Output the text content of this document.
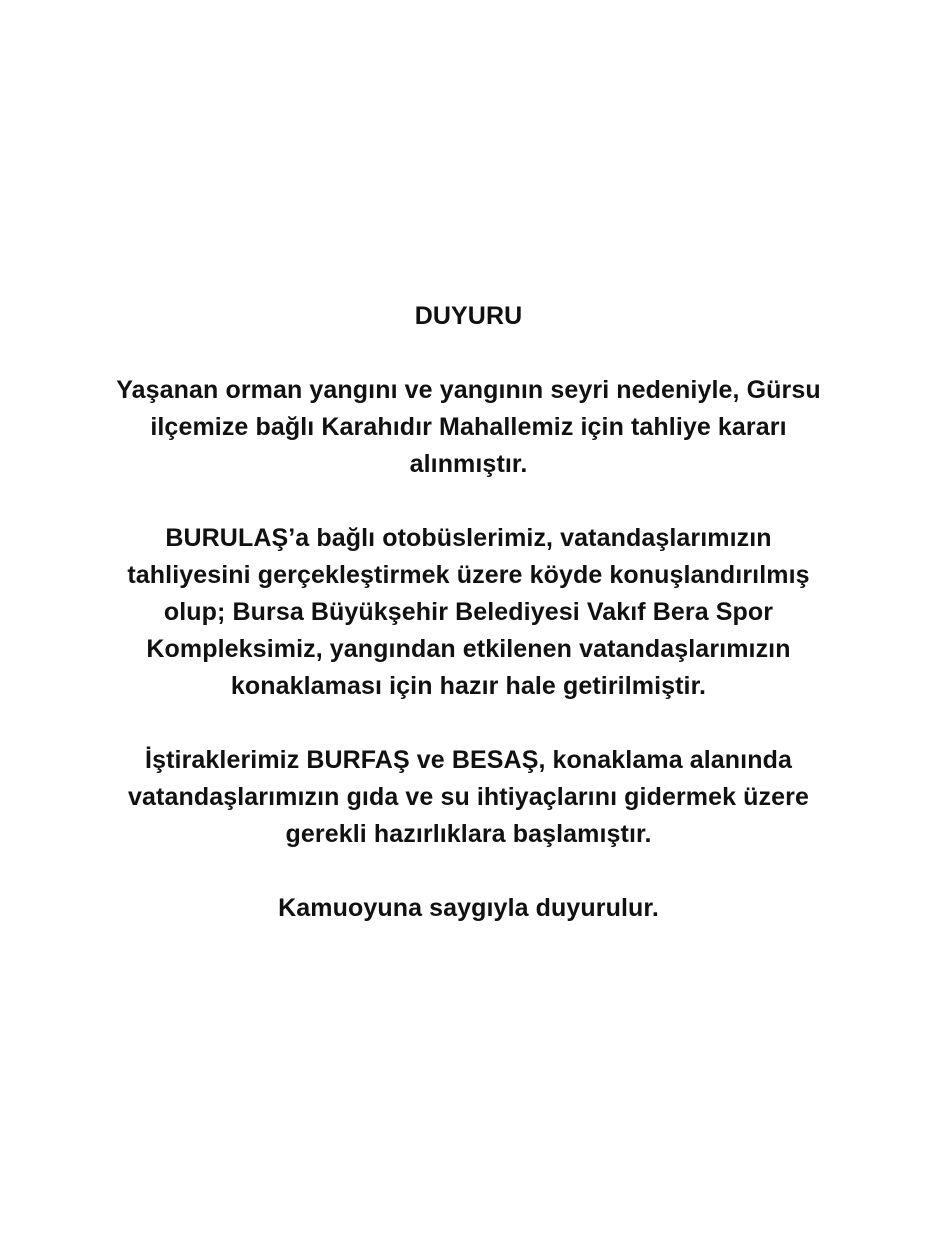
DUYURU
Yaşanan orman yangını ve yangının seyri nedeniyle, Gürsu
ilçemize bağlı Karahıdır Mahallemiz için tahliye kararı
alınmıştır.
BURULAŞ’a bağlı otobüslerimiz, vatandaşlarımızın
tahliyesini gerçekleştirmek üzere köyde konuşlandırılmış
olup; Bursa Büyükşehir Belediyesi Vakıf Bera Spor
Kompleksimiz, yangından etkilenen vatandaşlarımızın
konaklaması için hazır hale getirilmiştir.
İştiraklerimiz BURFAŞ ve BESAŞ, konaklama alanında
vatandaşlarımızın gıda ve su ihtiyaçlarını gidermek üzere
gerekli hazırlıklara başlamıştır.
Kamuoyuna saygıyla duyurulur.
